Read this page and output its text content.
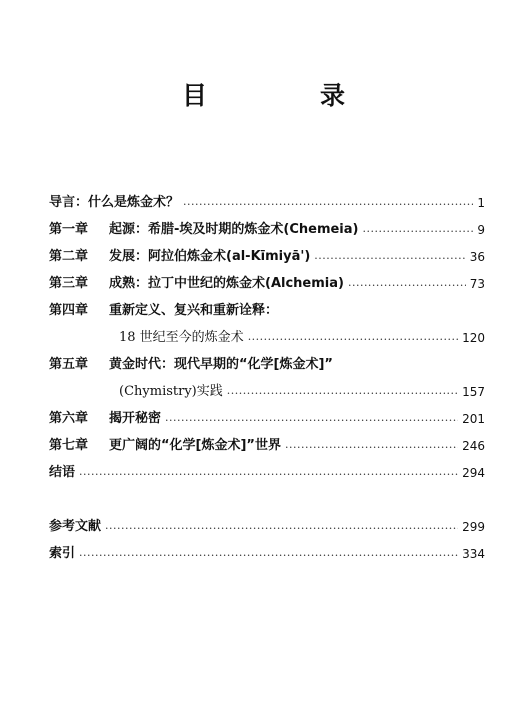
目　录
导言：什么是炼金术？ ·····	1
第一章	起源：希腊-埃及时期的炼金术(Chemeia) ·····	9
第二章	发展：阿拉伯炼金术(al-Kīmiyā') ·····	36
第三章	成熟：拉丁中世纪的炼金术(Alchemia) ·····	73
第四章	重新定义、复兴和重新诠释：
18 世纪至今的炼金术 ·····	120
第五章	黄金时代：现代早期的“化学[炼金术]”
(Chymistry)实践 ·····	157
第六章	揭开秘密 ·····	201
第七章	更广阔的“化学[炼金术]”世界 ·····	246
结语 ·····	294
参考文献 ·····	299
索引 ·····	334
